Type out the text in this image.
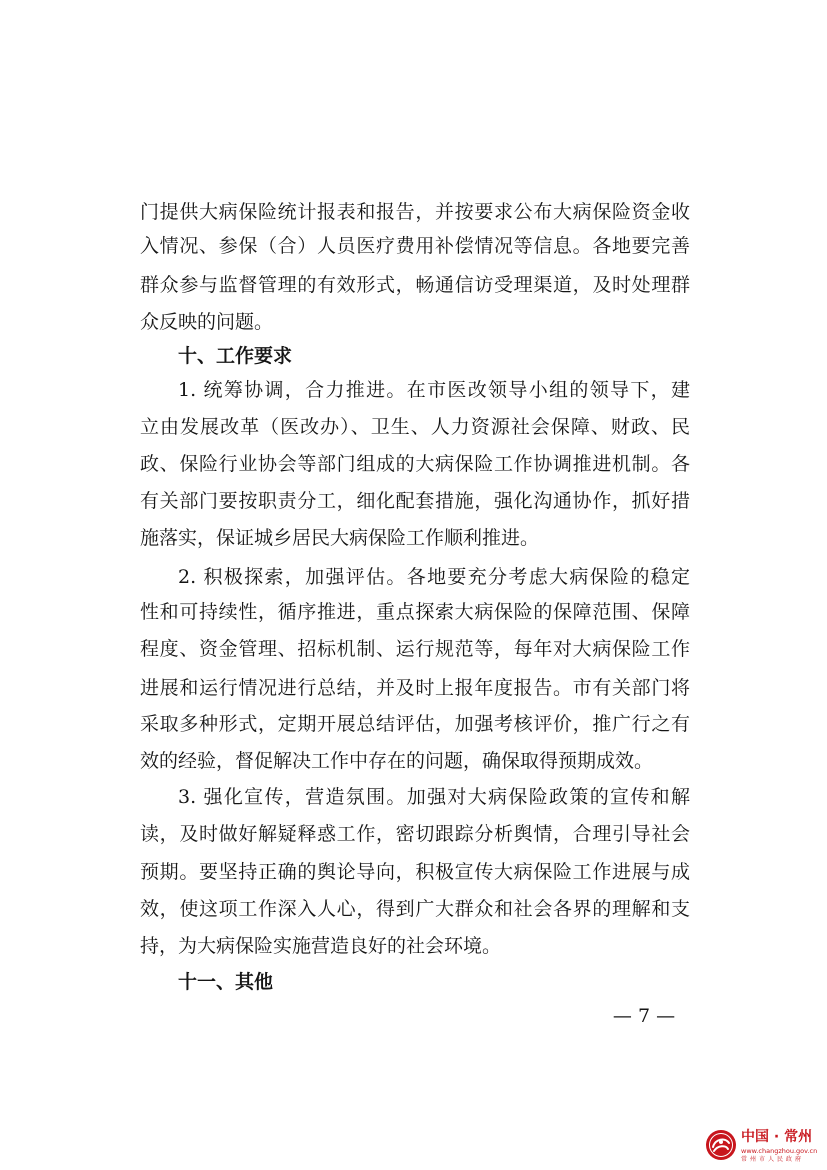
门提供大病保险统计报表和报告，并按要求公布大病保险资金收
入情况、参保（合）人员医疗费用补偿情况等信息。各地要完善
群众参与监督管理的有效形式，畅通信访受理渠道，及时处理群
众反映的问题。
十、工作要求
1. 统筹协调，合力推进。在市医改领导小组的领导下，建
立由发展改革（医改办）、卫生、人力资源社会保障、财政、民
政、保险行业协会等部门组成的大病保险工作协调推进机制。各
有关部门要按职责分工，细化配套措施，强化沟通协作，抓好措
施落实，保证城乡居民大病保险工作顺利推进。
2. 积极探索，加强评估。各地要充分考虑大病保险的稳定
性和可持续性，循序推进，重点探索大病保险的保障范围、保障
程度、资金管理、招标机制、运行规范等，每年对大病保险工作
进展和运行情况进行总结，并及时上报年度报告。市有关部门将
采取多种形式，定期开展总结评估，加强考核评价，推广行之有
效的经验，督促解决工作中存在的问题，确保取得预期成效。
3. 强化宣传，营造氛围。加强对大病保险政策的宣传和解
读，及时做好解疑释惑工作，密切跟踪分析舆情，合理引导社会
预期。要坚持正确的舆论导向，积极宣传大病保险工作进展与成
效，使这项工作深入人心，得到广大群众和社会各界的理解和支
持，为大病保险实施营造良好的社会环境。
十一、其他
— 7 —
中国 · 常州
www.changzhou.gov.cn
常州市人民政府
